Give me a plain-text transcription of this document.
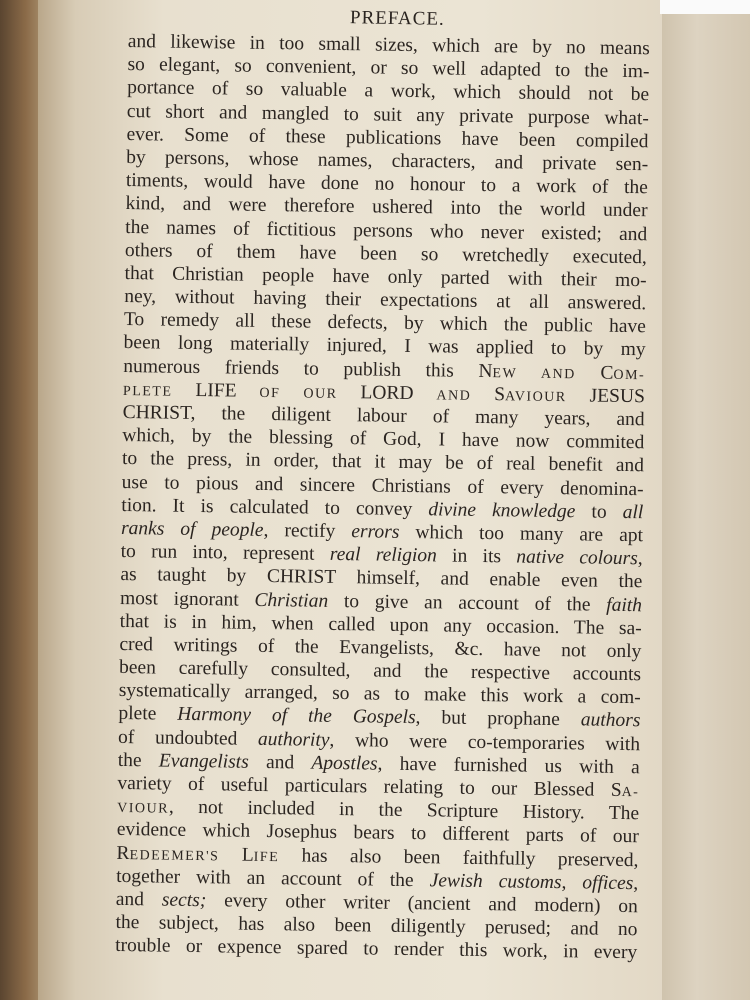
PREFACE.
and likewise in too small sizes, which are by no means
so elegant, so convenient, or so well adapted to the im-
portance of so valuable a work, which should not be
cut short and mangled to suit any private purpose what-
ever. Some of these publications have been compiled
by persons, whose names, characters, and private sen-
timents, would have done no honour to a work of the
kind, and were therefore ushered into the world under
the names of fictitious persons who never existed; and
others of them have been so wretchedly executed,
that Christian people have only parted with their mo-
ney, without having their expectations at all answered.
To remedy all these defects, by which the public have
been long materially injured, I was applied to by my
numerous friends to publish this NEW AND COM-
PLETE LIFE OF OUR LORD AND SAVIOUR JESUS
CHRIST, the diligent labour of many years, and
which, by the blessing of God, I have now commited
to the press, in order, that it may be of real benefit and
use to pious and sincere Christians of every denomina-
tion. It is calculated to convey divine knowledge to all
ranks of people, rectify errors which too many are apt
to run into, represent real religion in its native colours,
as taught by CHRIST himself, and enable even the
most ignorant Christian to give an account of the faith
that is in him, when called upon any occasion. The sa-
cred writings of the Evangelists, &c. have not only
been carefully consulted, and the respective accounts
systematically arranged, so as to make this work a com-
plete Harmony of the Gospels, but prophane authors
of undoubted authority, who were co-temporaries with
the Evangelists and Apostles, have furnished us with a
variety of useful particulars relating to our Blessed SA-
VIOUR, not included in the Scripture History. The
evidence which Josephus bears to different parts of our
REDEEMER'S LIFE has also been faithfully preserved,
together with an account of the Jewish customs, offices,
and sects; every other writer (ancient and modern) on
the subject, has also been diligently perused; and no
trouble or expence spared to render this work, in every
